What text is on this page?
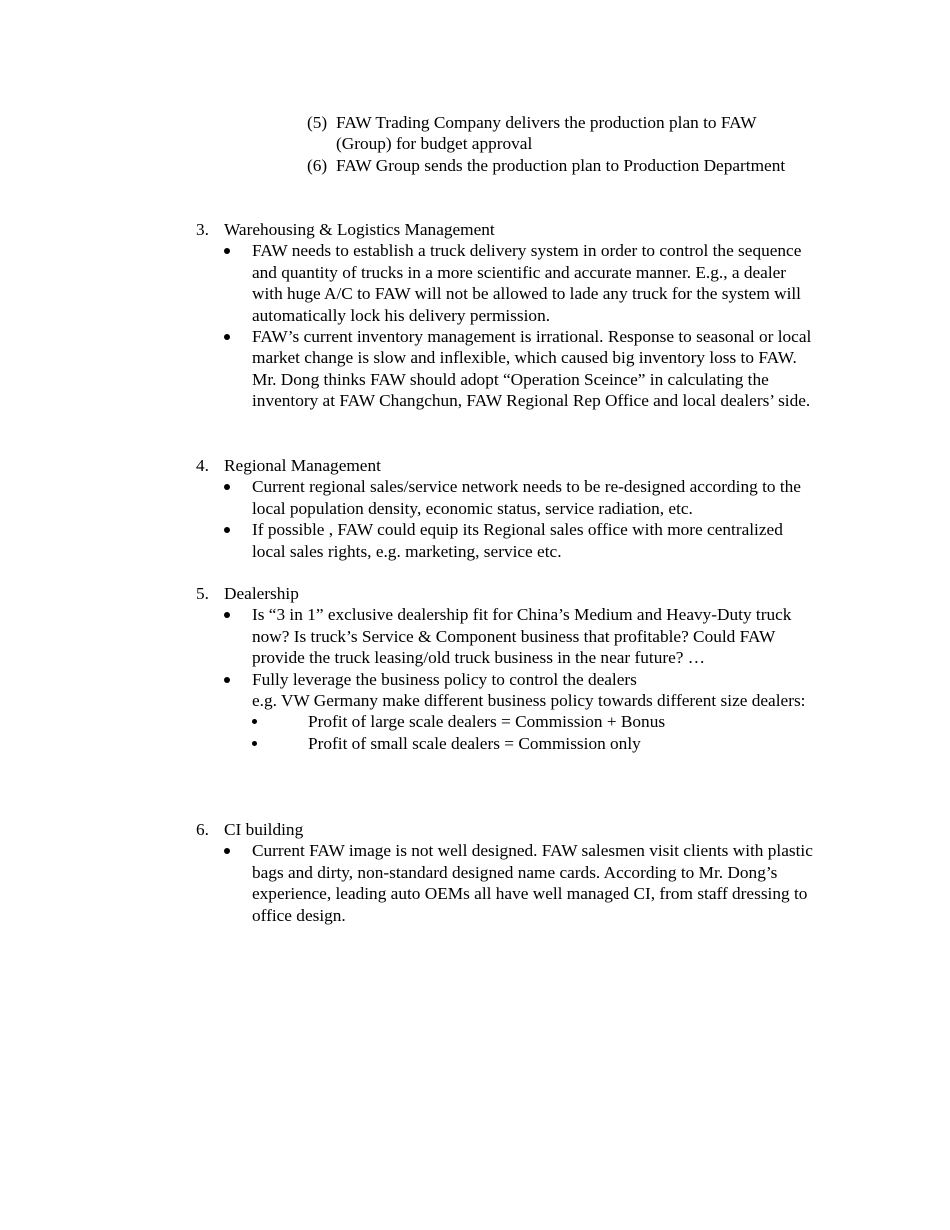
(5) FAW Trading Company delivers the production plan to FAW (Group) for budget approval
(6) FAW Group sends the production plan to Production Department
3. Warehousing & Logistics Management
FAW needs to establish a truck delivery system in order to control the sequence and quantity of trucks in a more scientific and accurate manner. E.g., a dealer with huge A/C to FAW will not be allowed to lade any truck for the system will automatically lock his delivery permission.
FAW’s current inventory management is irrational. Response to seasonal or local market change is slow and inflexible, which caused big inventory loss to FAW. Mr. Dong thinks FAW should adopt “Operation Sceince” in calculating the inventory at FAW Changchun, FAW Regional Rep Office and local dealers’ side.
4. Regional Management
Current regional sales/service network needs to be re-designed according to the local population density, economic status, service radiation, etc.
If possible , FAW could equip its Regional sales office with more centralized local sales rights, e.g. marketing, service etc.
5. Dealership
Is “3 in 1” exclusive dealership fit for China’s Medium and Heavy-Duty truck now? Is truck’s Service & Component business that profitable? Could FAW provide the truck leasing/old truck business in the near future? …
Fully leverage the business policy to control the dealers
e.g. VW Germany make different business policy towards different size dealers:
Profit of large scale dealers = Commission + Bonus
Profit of small scale dealers = Commission only
6. CI building
Current FAW image is not well designed. FAW salesmen visit clients with plastic bags and dirty, non-standard designed name cards. According to Mr. Dong’s experience, leading auto OEMs all have well managed CI, from staff dressing to office design.
